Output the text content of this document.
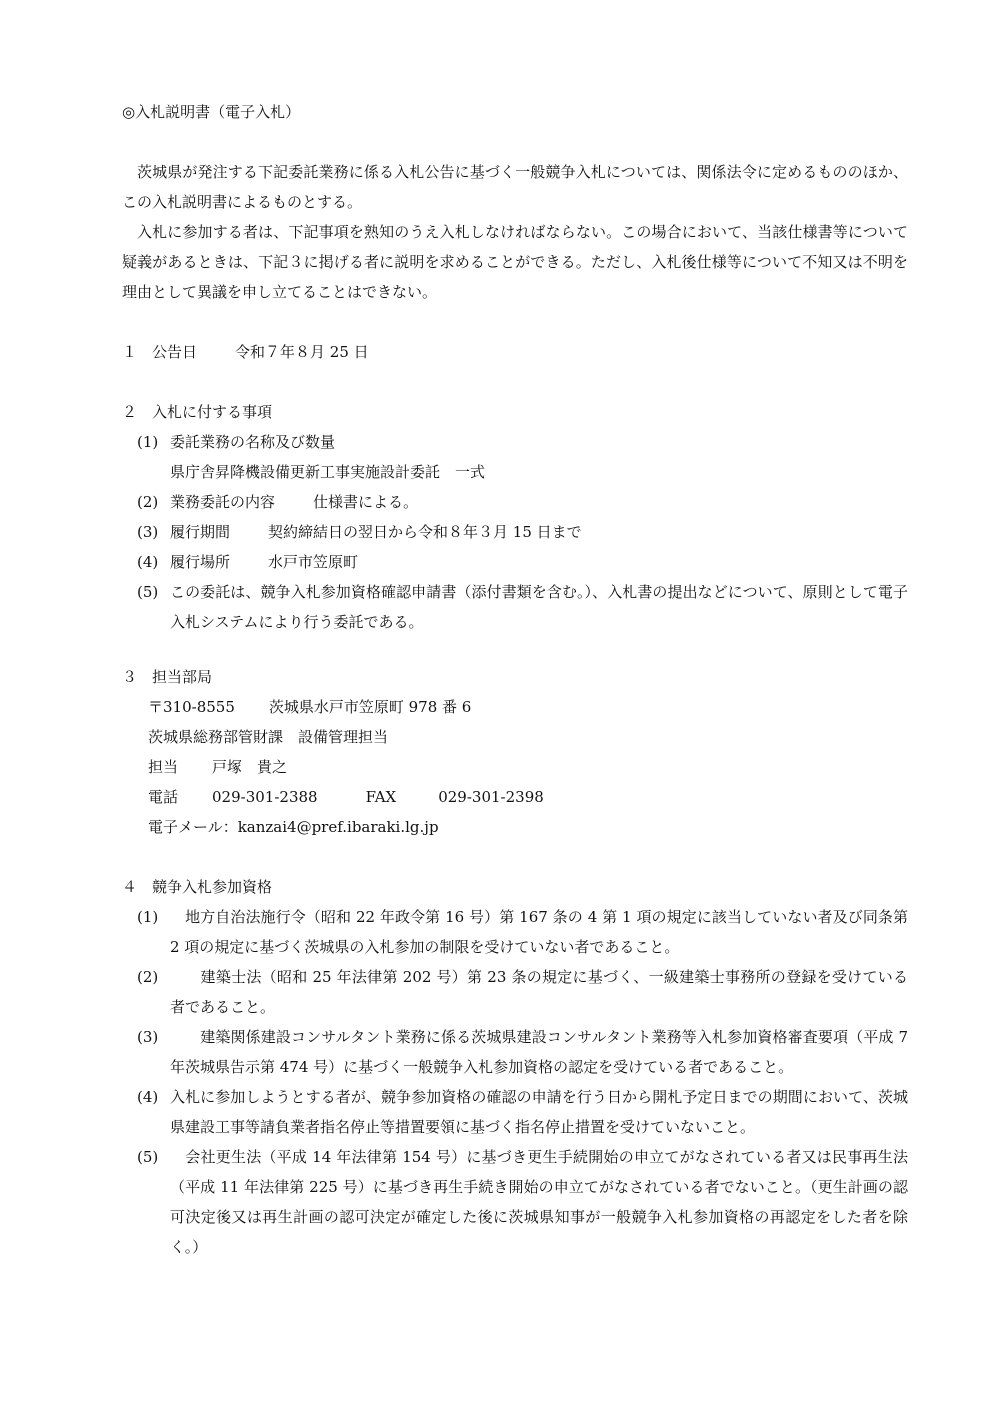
◎入札説明書（電子入札）

茨城県が発注する下記委託業務に係る入札公告に基づく一般競争入札については、関係法令に定めるもののほか、この入札説明書によるものとする。

入札に参加する者は、下記事項を熟知のうえ入札しなければならない。この場合において、当該仕様書等について疑義があるときは、下記３に掲げる者に説明を求めることができる。ただし、入札後仕様等について不知又は不明を理由として異議を申し立てることはできない。

１ 公告日	令和７年８月 25 日
２ 入札に付する事項
(1) 委託業務の名称及び数量
県庁舎昇降機設備更新工事実施設計委託　一式
(2) 業務委託の内容	仕様書による。
(3) 履行期間	契約締結日の翌日から令和８年３月 15 日まで
(4) 履行場所	水戸市笠原町
(5) この委託は、競争入札参加資格確認申請書（添付書類を含む。）、入札書の提出などについて、原則として電子入札システムにより行う委託である。
３ 担当部局
〒310-8555 茨城県水戸市笠原町 978 番 6
茨城県総務部管財課　設備管理担当
担当 戸塚　貴之
電話 029-301-2388	FAX	029-301-2398
電子メール：kanzai4@pref.ibaraki.lg.jp
４ 競争入札参加資格
(1) 　地方自治法施行令（昭和 22 年政令第 16 号）第 167 条の 4 第 1 項の規定に該当していない者及び同条第 2 項の規定に基づく茨城県の入札参加の制限を受けていない者であること。
(2) 　　建築士法（昭和 25 年法律第 202 号）第 23 条の規定に基づく、一級建築士事務所の登録を受けている者であること。
(3) 　　建築関係建設コンサルタント業務に係る茨城県建設コンサルタント業務等入札参加資格審査要項（平成 7 年茨城県告示第 474 号）に基づく一般競争入札参加資格の認定を受けている者であること。
(4) 入札に参加しようとする者が、競争参加資格の確認の申請を行う日から開札予定日までの期間において、茨城県建設工事等請負業者指名停止等措置要領に基づく指名停止措置を受けていないこと。
(5) 　会社更生法（平成 14 年法律第 154 号）に基づき更生手続開始の申立てがなされている者又は民事再生法（平成 11 年法律第 225 号）に基づき再生手続き開始の申立てがなされている者でないこと。（更生計画の認可決定後又は再生計画の認可決定が確定した後に茨城県知事が一般競争入札参加資格の再認定をした者を除く。）
